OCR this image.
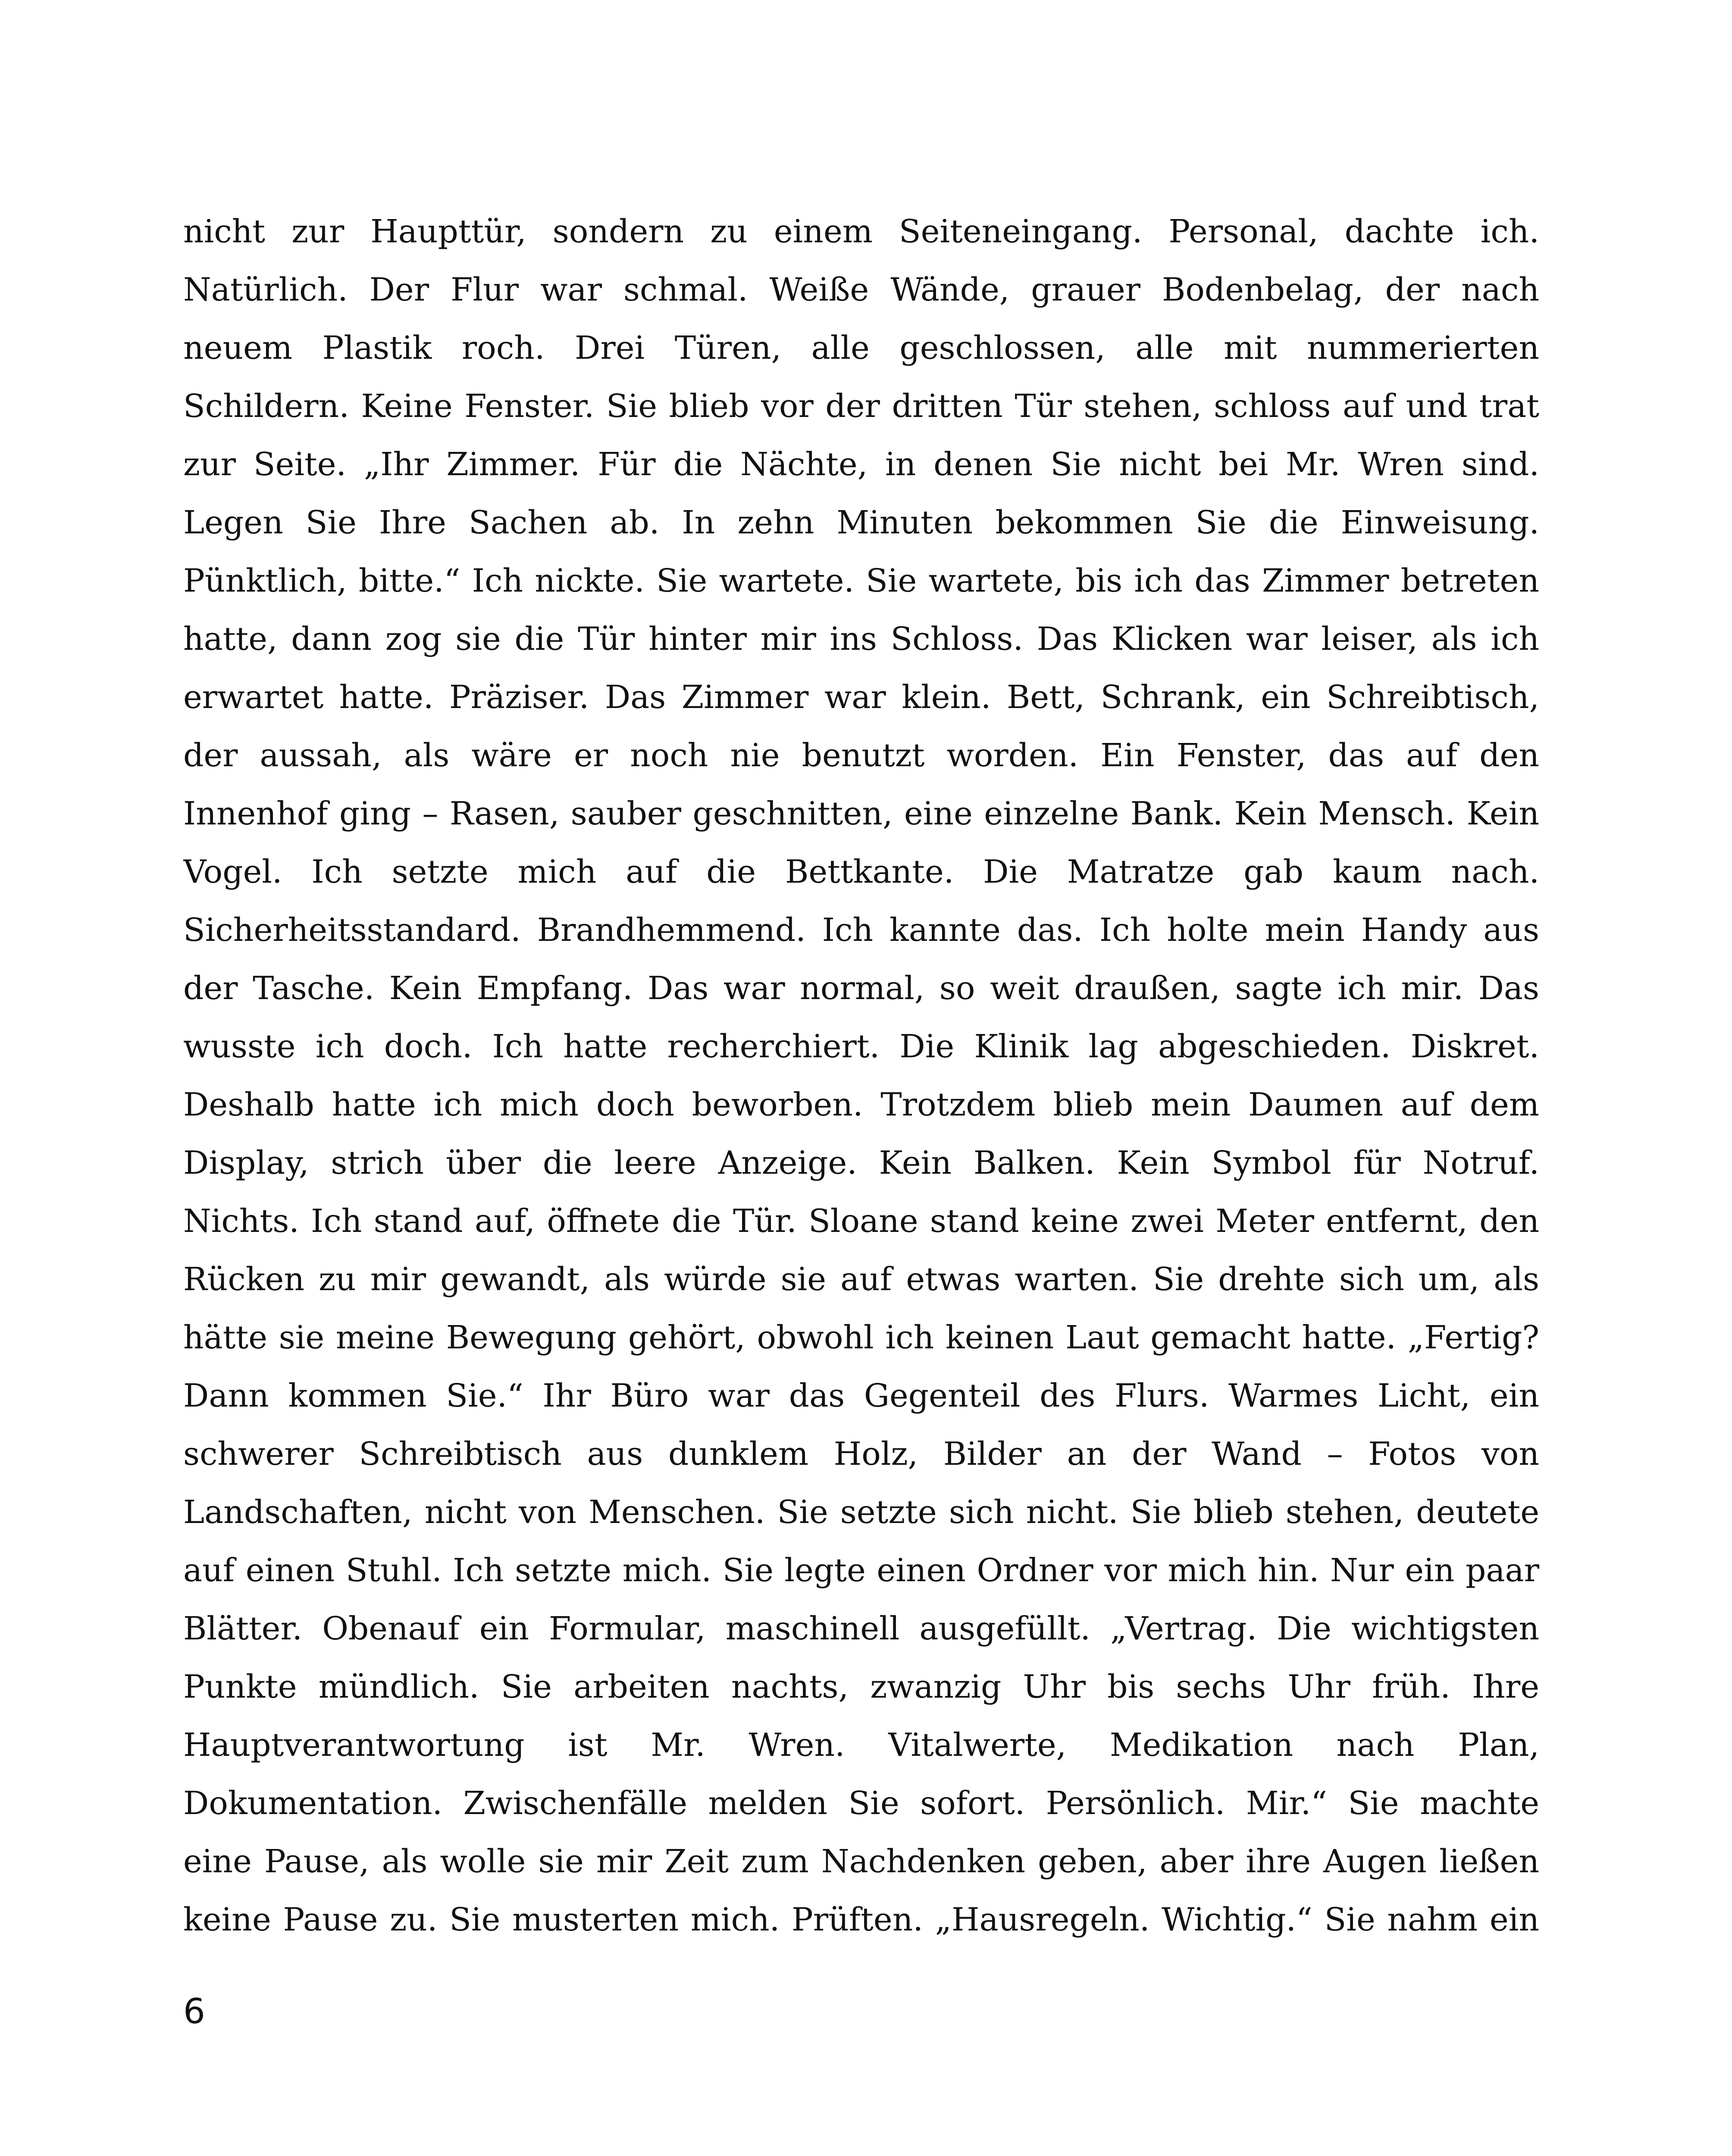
nicht zur Haupttür, sondern zu einem Seiteneingang. Personal, dachte ich.
Natürlich. Der Flur war schmal. Weiße Wände, grauer Bodenbelag, der nach
neuem Plastik roch. Drei Türen, alle geschlossen, alle mit nummerierten
Schildern. Keine Fenster. Sie blieb vor der dritten Tür stehen, schloss auf und trat
zur Seite. „Ihr Zimmer. Für die Nächte, in denen Sie nicht bei Mr. Wren sind.
Legen Sie Ihre Sachen ab. In zehn Minuten bekommen Sie die Einweisung.
Pünktlich, bitte.“ Ich nickte. Sie wartete. Sie wartete, bis ich das Zimmer betreten
hatte, dann zog sie die Tür hinter mir ins Schloss. Das Klicken war leiser, als ich
erwartet hatte. Präziser. Das Zimmer war klein. Bett, Schrank, ein Schreibtisch,
der aussah, als wäre er noch nie benutzt worden. Ein Fenster, das auf den
Innenhof ging – Rasen, sauber geschnitten, eine einzelne Bank. Kein Mensch. Kein
Vogel. Ich setzte mich auf die Bettkante. Die Matratze gab kaum nach.
Sicherheitsstandard. Brandhemmend. Ich kannte das. Ich holte mein Handy aus
der Tasche. Kein Empfang. Das war normal, so weit draußen, sagte ich mir. Das
wusste ich doch. Ich hatte recherchiert. Die Klinik lag abgeschieden. Diskret.
Deshalb hatte ich mich doch beworben. Trotzdem blieb mein Daumen auf dem
Display, strich über die leere Anzeige. Kein Balken. Kein Symbol für Notruf.
Nichts. Ich stand auf, öffnete die Tür. Sloane stand keine zwei Meter entfernt, den
Rücken zu mir gewandt, als würde sie auf etwas warten. Sie drehte sich um, als
hätte sie meine Bewegung gehört, obwohl ich keinen Laut gemacht hatte. „Fertig?
Dann kommen Sie.“ Ihr Büro war das Gegenteil des Flurs. Warmes Licht, ein
schwerer Schreibtisch aus dunklem Holz, Bilder an der Wand – Fotos von
Landschaften, nicht von Menschen. Sie setzte sich nicht. Sie blieb stehen, deutete
auf einen Stuhl. Ich setzte mich. Sie legte einen Ordner vor mich hin. Nur ein paar
Blätter. Obenauf ein Formular, maschinell ausgefüllt. „Vertrag. Die wichtigsten
Punkte mündlich. Sie arbeiten nachts, zwanzig Uhr bis sechs Uhr früh. Ihre
Hauptverantwortung ist Mr. Wren. Vitalwerte, Medikation nach Plan,
Dokumentation. Zwischenfälle melden Sie sofort. Persönlich. Mir.“ Sie machte
eine Pause, als wolle sie mir Zeit zum Nachdenken geben, aber ihre Augen ließen
keine Pause zu. Sie musterten mich. Prüften. „Hausregeln. Wichtig.“ Sie nahm ein
6
